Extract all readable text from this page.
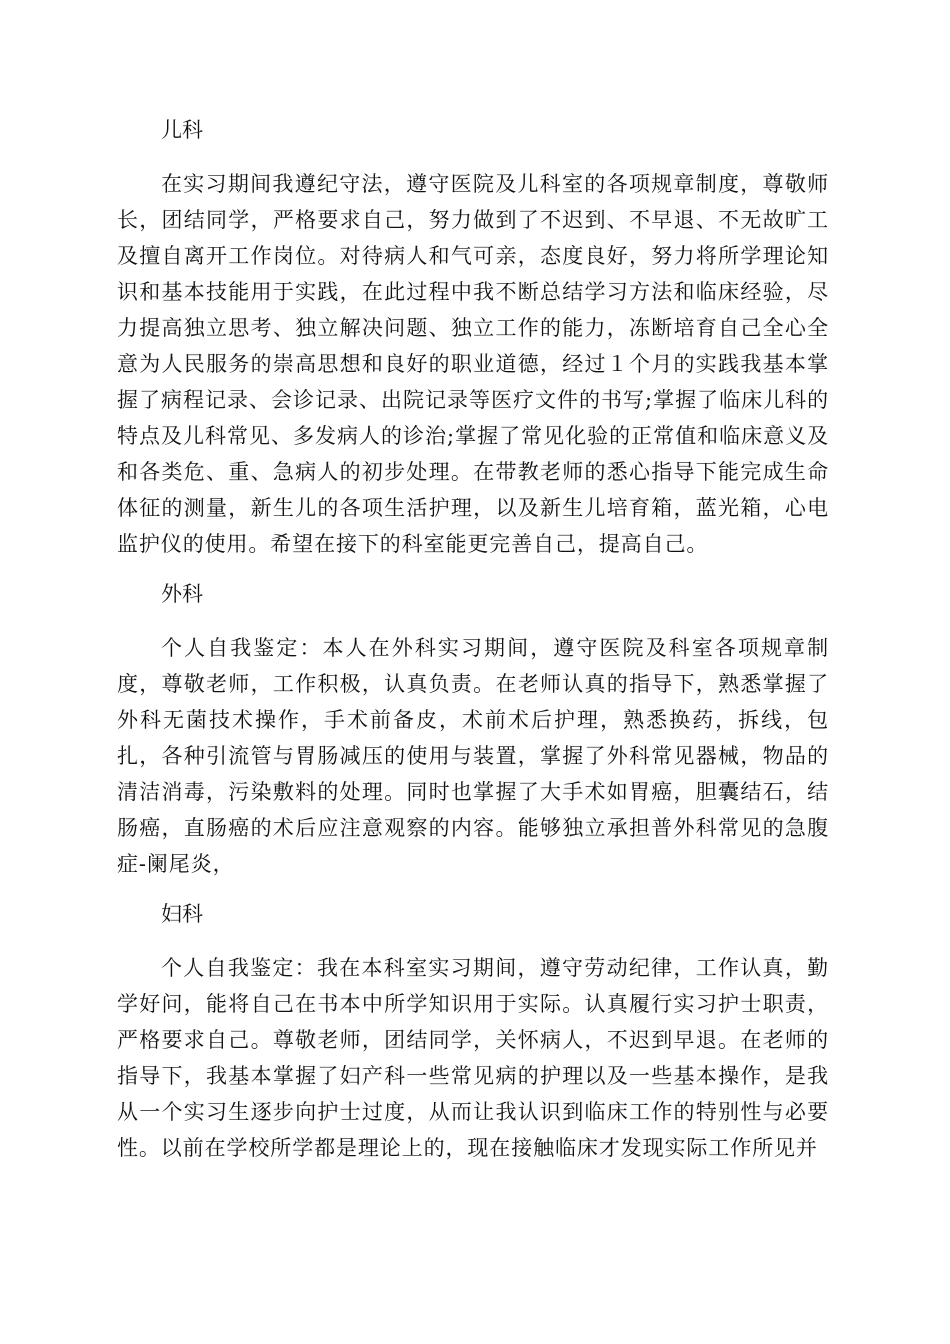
儿科
在实习期间我遵纪守法，遵守医院及儿科室的各项规章制度，尊敬师长，团结同学，严格要求自己，努力做到了不迟到、不早退、不无故旷工及擅自离开工作岗位。对待病人和气可亲，态度良好，努力将所学理论知识和基本技能用于实践，在此过程中我不断总结学习方法和临床经验，尽力提高独立思考、独立解决问题、独立工作的能力，冻断培育自己全心全意为人民服务的崇高思想和良好的职业道德，经过１个月的实践我基本掌握了病程记录、会诊记录、出院记录等医疗文件的书写;掌握了临床儿科的特点及儿科常见、多发病人的诊治;掌握了常见化验的正常值和临床意义及和各类危、重、急病人的初步处理。在带教老师的悉心指导下能完成生命体征的测量，新生儿的各项生活护理，以及新生儿培育箱，蓝光箱，心电监护仪的使用。希望在接下的科室能更完善自己，提高自己。
外科
个人自我鉴定：本人在外科实习期间，遵守医院及科室各项规章制度，尊敬老师，工作积极，认真负责。在老师认真的指导下，熟悉掌握了外科无菌技术操作，手术前备皮，术前术后护理，熟悉换药，拆线，包扎，各种引流管与胃肠减压的使用与装置，掌握了外科常见器械，物品的清洁消毒，污染敷料的处理。同时也掌握了大手术如胃癌，胆囊结石，结肠癌，直肠癌的术后应注意观察的内容。能够独立承担普外科常见的急腹症-阑尾炎，
妇科
个人自我鉴定：我在本科室实习期间，遵守劳动纪律，工作认真，勤学好问，能将自己在书本中所学知识用于实际。认真履行实习护士职责，严格要求自己。尊敬老师，团结同学，关怀病人，不迟到早退。在老师的指导下，我基本掌握了妇产科一些常见病的护理以及一些基本操作，是我从一个实习生逐步向护士过度，从而让我认识到临床工作的特别性与必要性。以前在学校所学都是理论上的，现在接触临床才发现实际工作所见并
